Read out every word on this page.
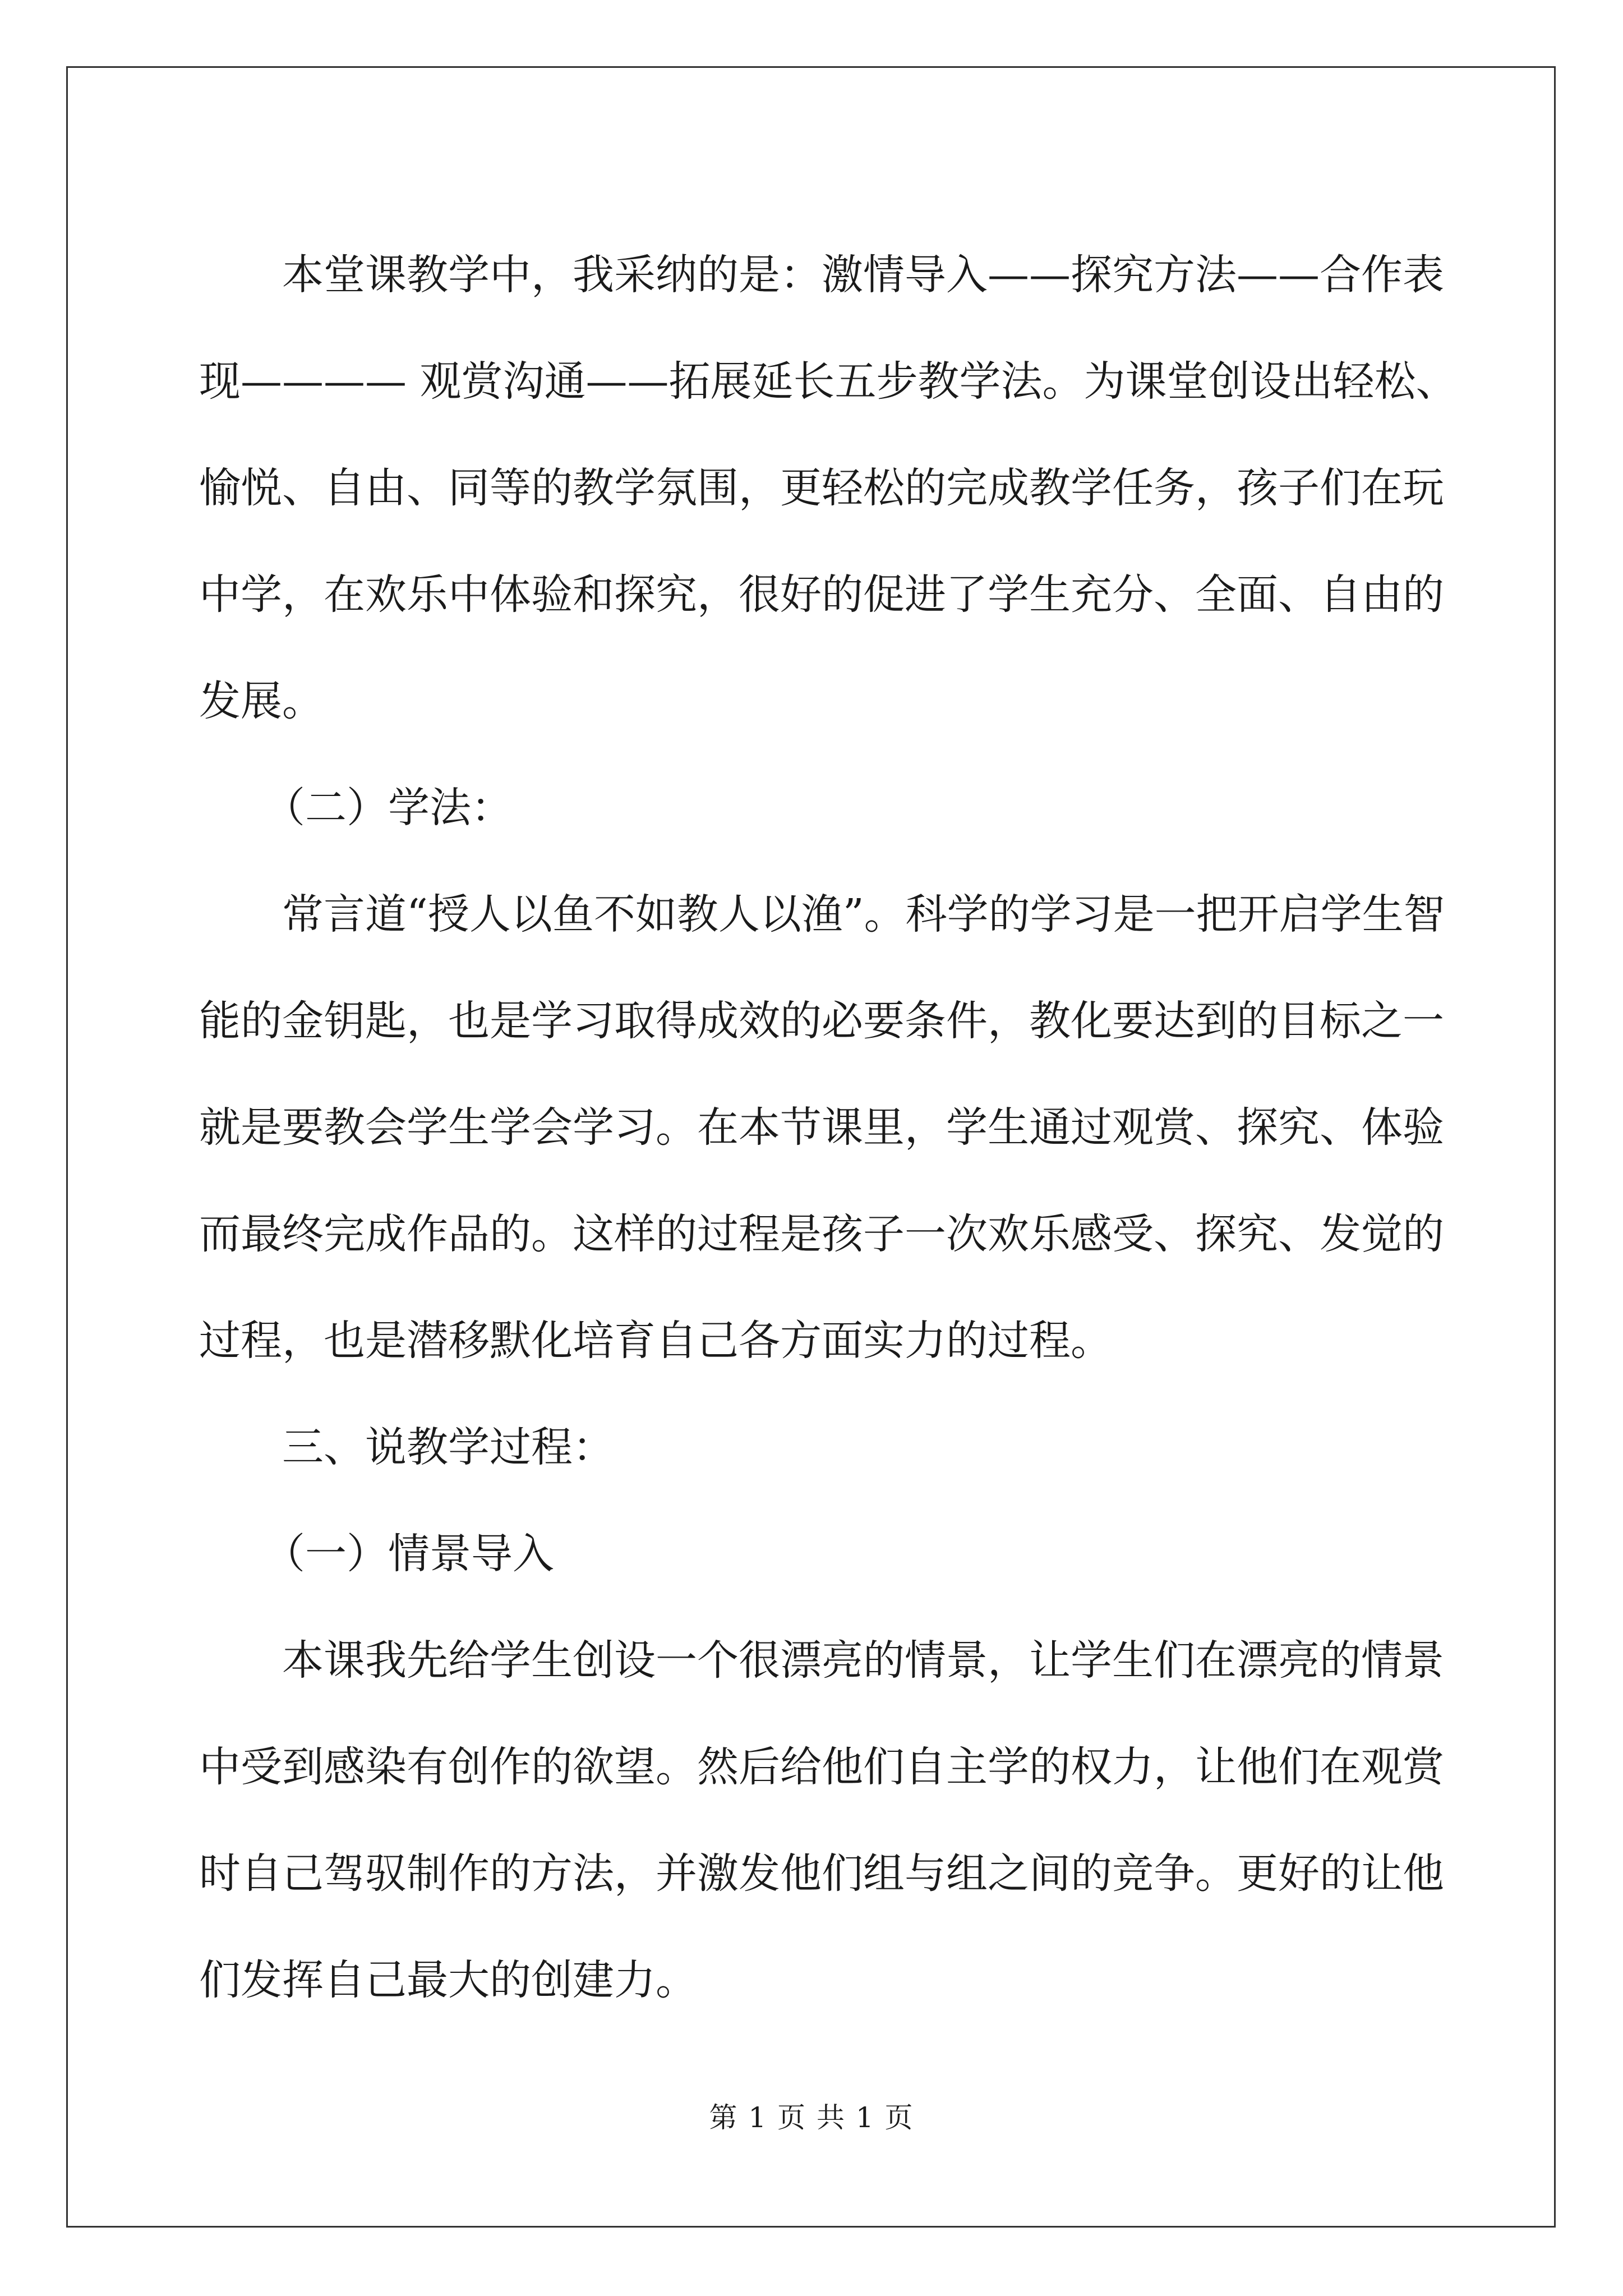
本堂课教学中，我采纳的是：激情导入——探究方法——合作表
现———— 观赏沟通——拓展延长五步教学法。为课堂创设出轻松、
愉悦、自由、同等的教学氛围，更轻松的完成教学任务，孩子们在玩
中学，在欢乐中体验和探究，很好的促进了学生充分、全面、自由的
发展。
（二）学法：
常言道“授人以鱼不如教人以渔”。科学的学习是一把开启学生智
能的金钥匙，也是学习取得成效的必要条件，教化要达到的目标之一
就是要教会学生学会学习。在本节课里，学生通过观赏、探究、体验
而最终完成作品的。这样的过程是孩子一次欢乐感受、探究、发觉的
过程，也是潜移默化培育自己各方面实力的过程。
三、说教学过程：
（一）情景导入
本课我先给学生创设一个很漂亮的情景，让学生们在漂亮的情景
中受到感染有创作的欲望。然后给他们自主学的权力，让他们在观赏
时自己驾驭制作的方法，并激发他们组与组之间的竞争。更好的让他
们发挥自己最大的创建力。
第 1 页 共 1 页
